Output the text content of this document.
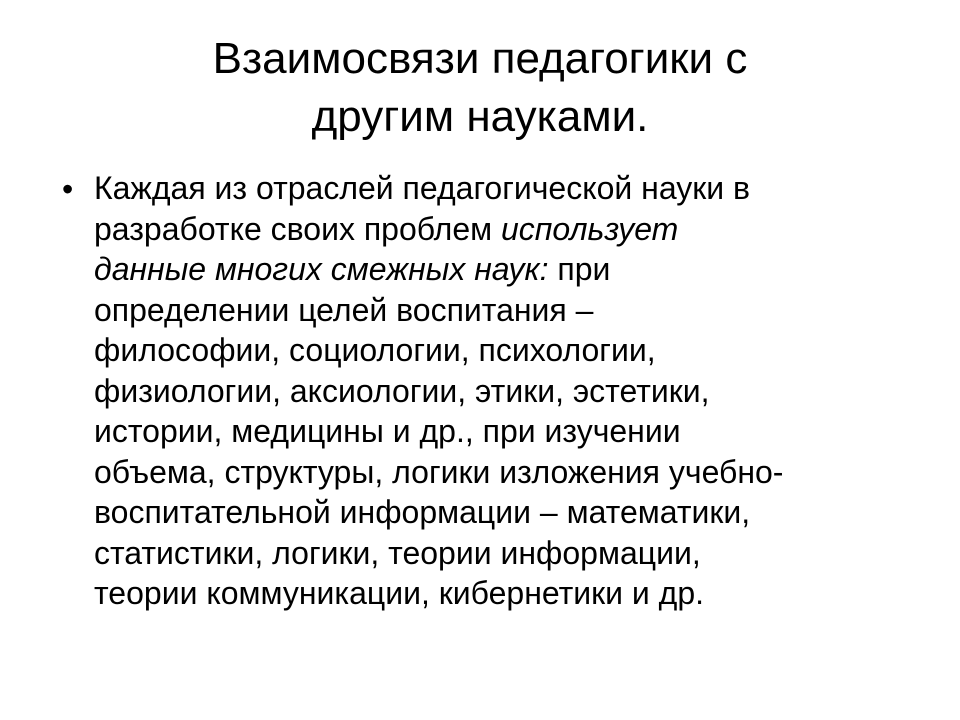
Взаимосвязи педагогики с
другим науками.
• Каждая из отраслей педагогической науки в
разработке своих проблем использует
данные многих смежных наук: при
определении целей воспитания –
философии, социологии, психологии,
физиологии, аксиологии, этики, эстетики,
истории, медицины и др., при изучении
объема, структуры, логики изложения учебно-
воспитательной информации – математики,
статистики, логики, теории информации,
теории коммуникации, кибернетики и др.
